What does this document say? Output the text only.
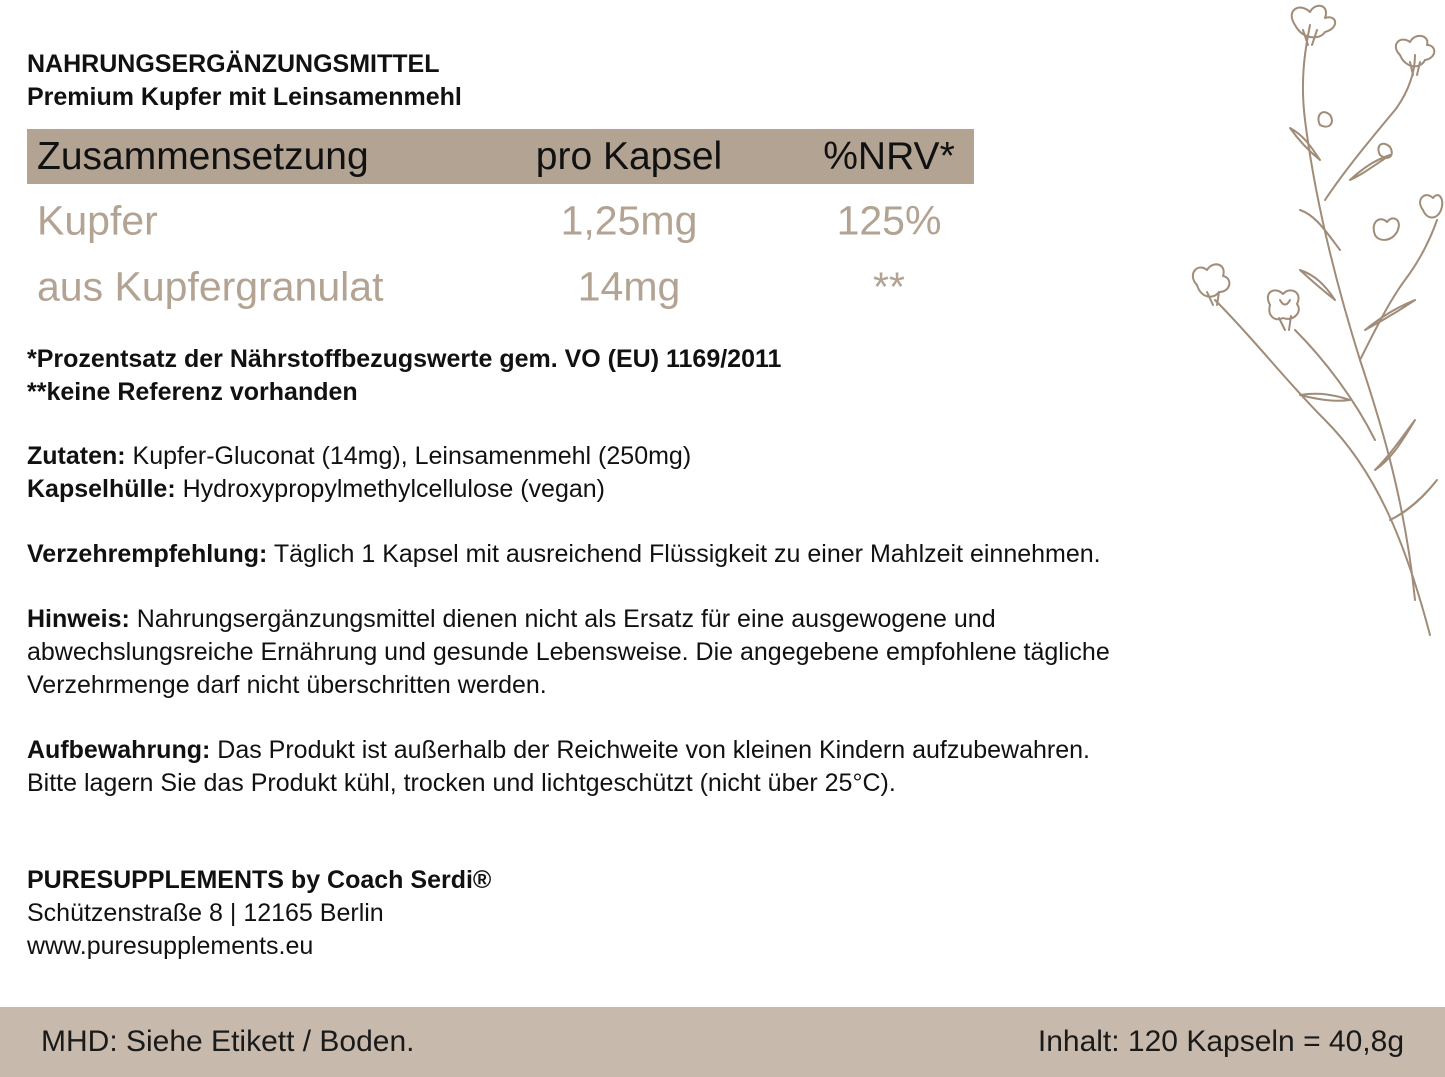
NAHRUNGSERGÄNZUNGSMITTEL
Premium Kupfer mit Leinsamenmehl
Zusammensetzung	pro Kapsel	%NRV*
Kupfer	1,25mg	125%
aus Kupfergranulat	14mg	**
*Prozentsatz der Nährstoffbezugswerte gem. VO (EU) 1169/2011
**keine Referenz vorhanden
Zutaten: Kupfer-Gluconat (14mg), Leinsamenmehl (250mg)
Kapselhülle: Hydroxypropylmethylcellulose (vegan)
Verzehrempfehlung: Täglich 1 Kapsel mit ausreichend Flüssigkeit zu einer Mahlzeit einnehmen.
Hinweis: Nahrungsergänzungsmittel dienen nicht als Ersatz für eine ausgewogene und
abwechslungsreiche Ernährung und gesunde Lebensweise. Die angegebene empfohlene tägliche
Verzehrmenge darf nicht überschritten werden.
Aufbewahrung: Das Produkt ist außerhalb der Reichweite von kleinen Kindern aufzubewahren.
Bitte lagern Sie das Produkt kühl, trocken und lichtgeschützt (nicht über 25°C).
PURESUPPLEMENTS by Coach Serdi®
Schützenstraße 8 | 12165 Berlin
www.puresupplements.eu
MHD: Siehe Etikett / Boden.	Inhalt: 120 Kapseln = 40,8g
